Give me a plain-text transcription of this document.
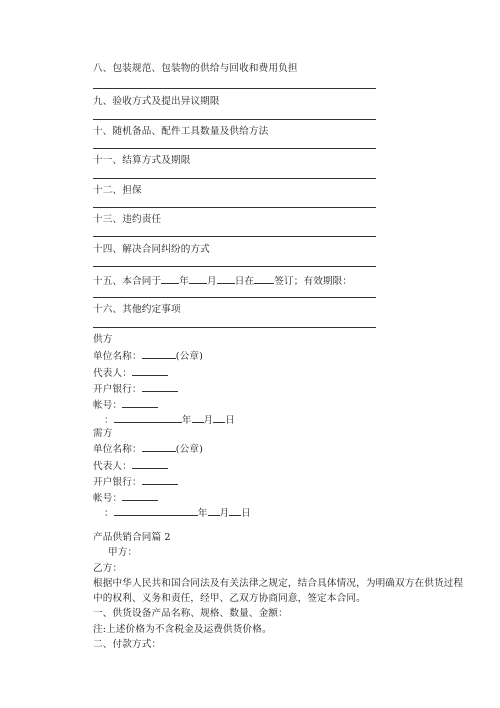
八、包装规范、包装物的供给与回收和费用负担
九、验收方式及提出异议期限
十、随机备品、配件工具数量及供给方法
十一、结算方式及期限
十二、担保
十三、违约责任
十四、解决合同纠纷的方式
十五、本合同于 年 月 日在 签订；有效期限：
十六、其他约定事项
供方
单位名称：	(公章)
代表人：
开户银行：
帐号：
：	年 月 日
需方
单位名称：	(公章)
代表人：
开户银行：
帐号：
：	年 月 日
产品供销合同篇 2
甲方：
乙方：
根据中华人民共和国合同法及有关法律之规定，结合具体情况，为明确双方在供货过程
中的权利、义务和责任，经甲、乙双方协商同意，签定本合同。
一、供货设备产品名称、规格、数量、金额：
注:上述价格为不含税金及运费供货价格。
二、付款方式：
